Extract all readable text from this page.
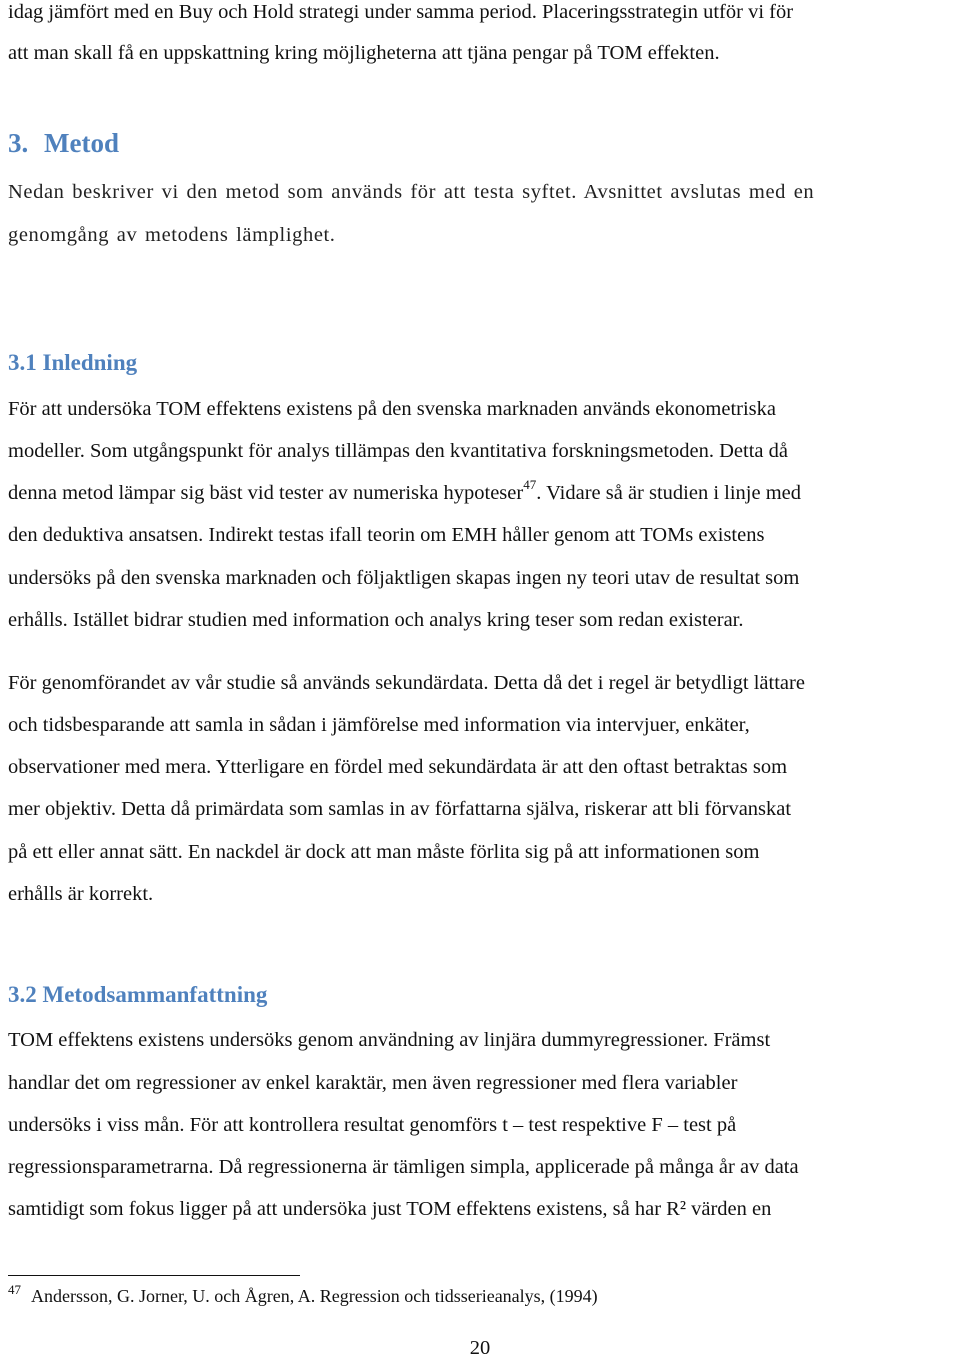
idag jämfört med en Buy och Hold strategi under samma period. Placeringsstrategin utför vi för
att man skall få en uppskattning kring möjligheterna att tjäna pengar på TOM effekten.
3. Metod
Nedan beskriver vi den metod som används för att testa syftet. Avsnittet avslutas med en
genomgång av metodens lämplighet.
3.1 Inledning
För att undersöka TOM effektens existens på den svenska marknaden används ekonometriska
modeller. Som utgångspunkt för analys tillämpas den kvantitativa forskningsmetoden. Detta då
denna metod lämpar sig bäst vid tester av numeriska hypoteser$^{47}$. Vidare så är studien i linje med
den deduktiva ansatsen. Indirekt testas ifall teorin om EMH håller genom att TOMs existens
undersöks på den svenska marknaden och följaktligen skapas ingen ny teori utav de resultat som
erhålls. Istället bidrar studien med information och analys kring teser som redan existerar.
För genomförandet av vår studie så används sekundärdata. Detta då det i regel är betydligt lättare
och tidsbesparande att samla in sådan i jämförelse med information via intervjuer, enkäter,
observationer med mera. Ytterligare en fördel med sekundärdata är att den oftast betraktas som
mer objektiv. Detta då primärdata som samlas in av författarna själva, riskerar att bli förvanskat
på ett eller annat sätt. En nackdel är dock att man måste förlita sig på att informationen som
erhålls är korrekt.
3.2 Metodsammanfattning
TOM effektens existens undersöks genom användning av linjära dummyregressioner. Främst
handlar det om regressioner av enkel karaktär, men även regressioner med flera variabler
undersöks i viss mån. För att kontrollera resultat genomförs t – test respektive F – test på
regressionsparametrarna. Då regressionerna är tämligen simpla, applicerade på många år av data
samtidigt som fokus ligger på att undersöka just TOM effektens existens, så har R² värden en
$^{47}$ Andersson, G. Jorner, U. och Ågren, A. Regression och tidsserieanalys, (1994)
20
